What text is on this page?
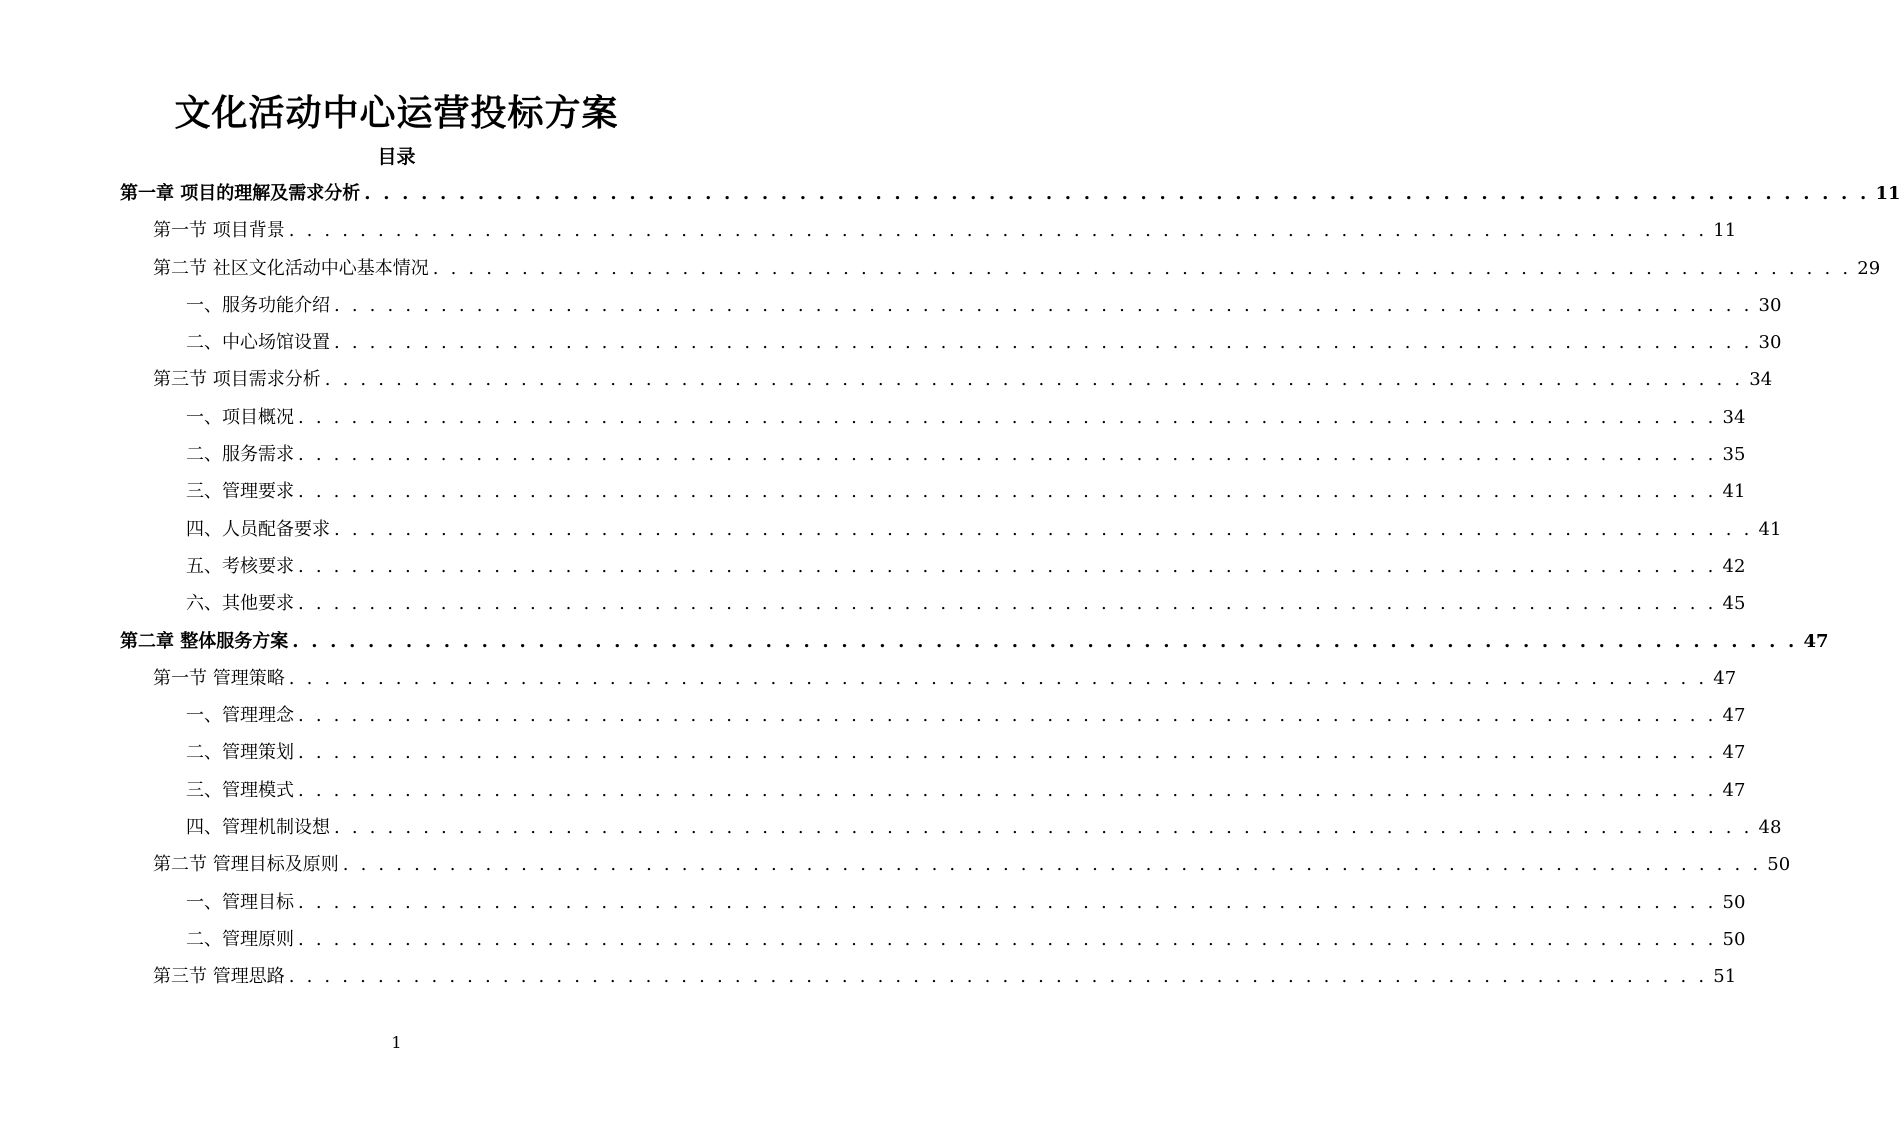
文化活动中心运营投标方案
目录
第一章 项目的理解及需求分析 . . . . . . . . . . . . . . . . . . . . . . . . . . . . . . . . . . . . . . . . . . . . . . . . . . . . . . . . . . . . . . . . . . . . . . . . . . . . . . . . 11
第一节 项目背景 . . . . . . . . . . . . . . . . . . . . . . . . . . . . . . . . . . . . . . . . . . . . . . . . . . . . . . . . . . . . . . . . . . . . . . . . . . . . . . . . 11
第二节 社区文化活动中心基本情况 . . . . . . . . . . . . . . . . . . . . . . . . . . . . . . . . . . . . . . . . . . . . . . . . . . . . . . . . . . . . . . . . . . . . . . . . . . . . . . . . 29
一、服务功能介绍 . . . . . . . . . . . . . . . . . . . . . . . . . . . . . . . . . . . . . . . . . . . . . . . . . . . . . . . . . . . . . . . . . . . . . . . . . . . . . . . . 30
二、中心场馆设置 . . . . . . . . . . . . . . . . . . . . . . . . . . . . . . . . . . . . . . . . . . . . . . . . . . . . . . . . . . . . . . . . . . . . . . . . . . . . . . . . 30
第三节 项目需求分析 . . . . . . . . . . . . . . . . . . . . . . . . . . . . . . . . . . . . . . . . . . . . . . . . . . . . . . . . . . . . . . . . . . . . . . . . . . . . . . . . 34
一、项目概况 . . . . . . . . . . . . . . . . . . . . . . . . . . . . . . . . . . . . . . . . . . . . . . . . . . . . . . . . . . . . . . . . . . . . . . . . . . . . . . . . 34
二、服务需求 . . . . . . . . . . . . . . . . . . . . . . . . . . . . . . . . . . . . . . . . . . . . . . . . . . . . . . . . . . . . . . . . . . . . . . . . . . . . . . . . 35
三、管理要求 . . . . . . . . . . . . . . . . . . . . . . . . . . . . . . . . . . . . . . . . . . . . . . . . . . . . . . . . . . . . . . . . . . . . . . . . . . . . . . . . 41
四、人员配备要求 . . . . . . . . . . . . . . . . . . . . . . . . . . . . . . . . . . . . . . . . . . . . . . . . . . . . . . . . . . . . . . . . . . . . . . . . . . . . . . . . 41
五、考核要求 . . . . . . . . . . . . . . . . . . . . . . . . . . . . . . . . . . . . . . . . . . . . . . . . . . . . . . . . . . . . . . . . . . . . . . . . . . . . . . . . 42
六、其他要求 . . . . . . . . . . . . . . . . . . . . . . . . . . . . . . . . . . . . . . . . . . . . . . . . . . . . . . . . . . . . . . . . . . . . . . . . . . . . . . . . 45
第二章 整体服务方案 . . . . . . . . . . . . . . . . . . . . . . . . . . . . . . . . . . . . . . . . . . . . . . . . . . . . . . . . . . . . . . . . . . . . . . . . . . . . . . . . 47
第一节 管理策略 . . . . . . . . . . . . . . . . . . . . . . . . . . . . . . . . . . . . . . . . . . . . . . . . . . . . . . . . . . . . . . . . . . . . . . . . . . . . . . . . 47
一、管理理念 . . . . . . . . . . . . . . . . . . . . . . . . . . . . . . . . . . . . . . . . . . . . . . . . . . . . . . . . . . . . . . . . . . . . . . . . . . . . . . . . 47
二、管理策划 . . . . . . . . . . . . . . . . . . . . . . . . . . . . . . . . . . . . . . . . . . . . . . . . . . . . . . . . . . . . . . . . . . . . . . . . . . . . . . . . 47
三、管理模式 . . . . . . . . . . . . . . . . . . . . . . . . . . . . . . . . . . . . . . . . . . . . . . . . . . . . . . . . . . . . . . . . . . . . . . . . . . . . . . . . 47
四、管理机制设想 . . . . . . . . . . . . . . . . . . . . . . . . . . . . . . . . . . . . . . . . . . . . . . . . . . . . . . . . . . . . . . . . . . . . . . . . . . . . . . . . 48
第二节 管理目标及原则 . . . . . . . . . . . . . . . . . . . . . . . . . . . . . . . . . . . . . . . . . . . . . . . . . . . . . . . . . . . . . . . . . . . . . . . . . . . . . . . . 50
一、管理目标 . . . . . . . . . . . . . . . . . . . . . . . . . . . . . . . . . . . . . . . . . . . . . . . . . . . . . . . . . . . . . . . . . . . . . . . . . . . . . . . . 50
二、管理原则 . . . . . . . . . . . . . . . . . . . . . . . . . . . . . . . . . . . . . . . . . . . . . . . . . . . . . . . . . . . . . . . . . . . . . . . . . . . . . . . . 50
第三节 管理思路 . . . . . . . . . . . . . . . . . . . . . . . . . . . . . . . . . . . . . . . . . . . . . . . . . . . . . . . . . . . . . . . . . . . . . . . . . . . . . . . . 51
1
